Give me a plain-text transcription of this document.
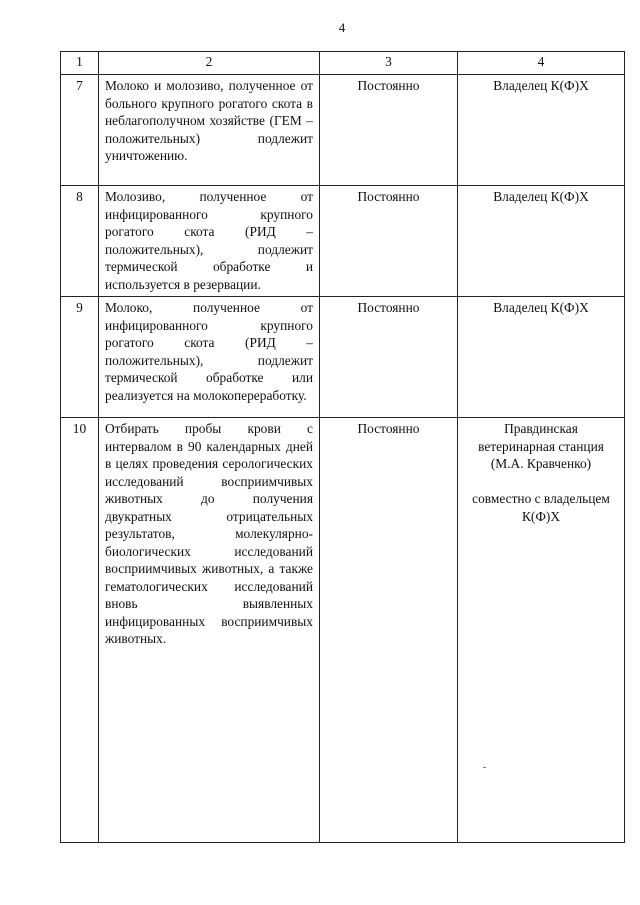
4
1	2	3	4
7	Молоко и молозиво, полученное от больного крупного рогатого скота в неблагополучном хозяйстве (ГЕМ – положительных) подлежит уничтожению.	Постоянно	Владелец К(Ф)Х
8	Молозиво, полученное от инфицированного крупного рогатого скота (РИД – положительных), подлежит термической обработке и используется в резервации.	Постоянно	Владелец К(Ф)Х
9	Молоко, полученное от инфицированного крупного рогатого скота (РИД – положительных), подлежит термической обработке или реализуется на молокопереработку.	Постоянно	Владелец К(Ф)Х
10	Отбирать пробы крови с интервалом в 90 календарных дней в целях проведения серологических исследований восприимчивых животных до получения двукратных отрицательных результатов, молекулярно-биологических исследований восприимчивых животных, а также гематологических исследований вновь выявленных инфицированных восприимчивых животных.	Постоянно	Правдинская ветеринарная станция (М.А. Кравченко)
совместно с владельцем К(Ф)Х
